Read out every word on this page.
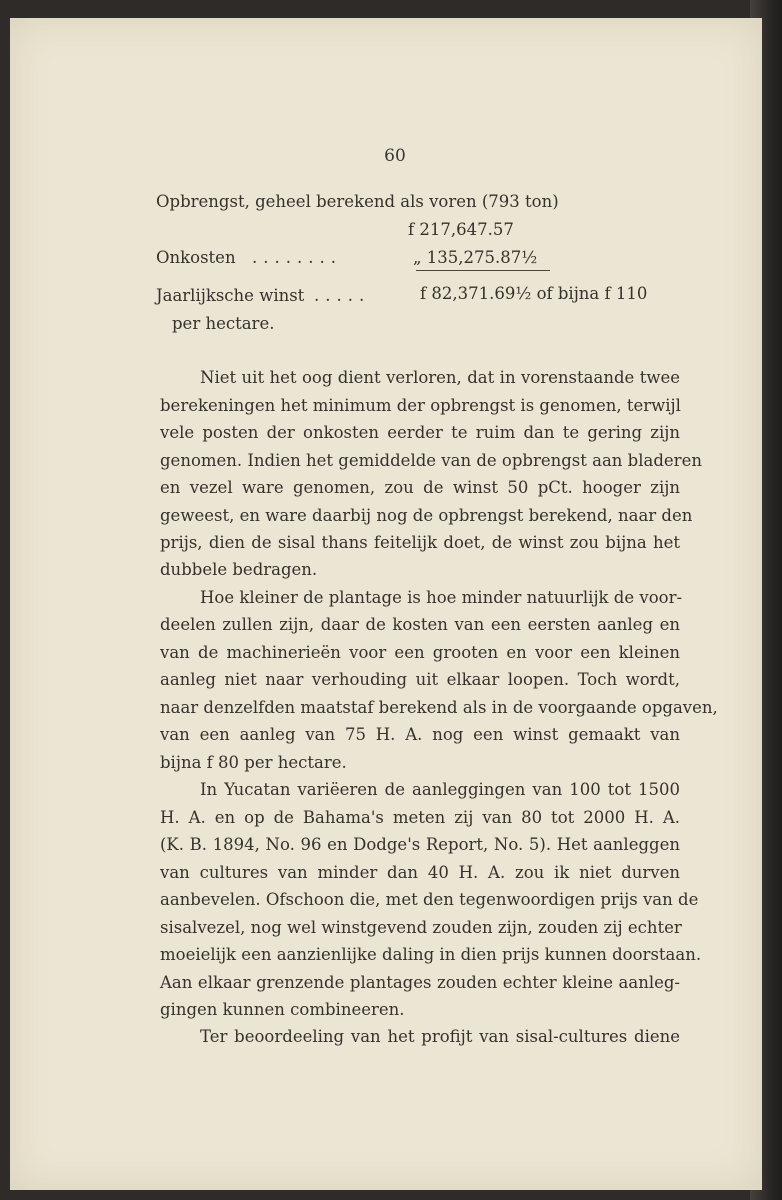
60
Opbrengst, geheel berekend als voren (793 ton)
f 217,647.57
Onkosten ........	„ 135,275.87½
Jaarlijksche winst .....	f 82,371.69½ of bijna f 110
per hectare.
Niet uit het oog dient verloren, dat in vorenstaande twee
berekeningen het minimum der opbrengst is genomen, terwijl
vele posten der onkosten eerder te ruim dan te gering zijn
genomen. Indien het gemiddelde van de opbrengst aan bladeren
en vezel ware genomen, zou de winst 50 pCt. hooger zijn
geweest, en ware daarbij nog de opbrengst berekend, naar den
prijs, dien de sisal thans feitelijk doet, de winst zou bijna het
dubbele bedragen.
Hoe kleiner de plantage is hoe minder natuurlijk de voor-
deelen zullen zijn, daar de kosten van een eersten aanleg en
van de machinerieën voor een grooten en voor een kleinen
aanleg niet naar verhouding uit elkaar loopen. Toch wordt,
naar denzelfden maatstaf berekend als in de voorgaande opgaven,
van een aanleg van 75 H. A. nog een winst gemaakt van
bijna f 80 per hectare.
In Yucatan variëeren de aanleggingen van 100 tot 1500
H. A. en op de Bahama's meten zij van 80 tot 2000 H. A.
(K. B. 1894, No. 96 en Dodge's Report, No. 5). Het aanleggen
van cultures van minder dan 40 H. A. zou ik niet durven
aanbevelen. Ofschoon die, met den tegenwoordigen prijs van de
sisalvezel, nog wel winstgevend zouden zijn, zouden zij echter
moeielijk een aanzienlijke daling in dien prijs kunnen doorstaan.
Aan elkaar grenzende plantages zouden echter kleine aanleg-
gingen kunnen combineeren.
Ter beoordeeling van het profijt van sisal-cultures diene
